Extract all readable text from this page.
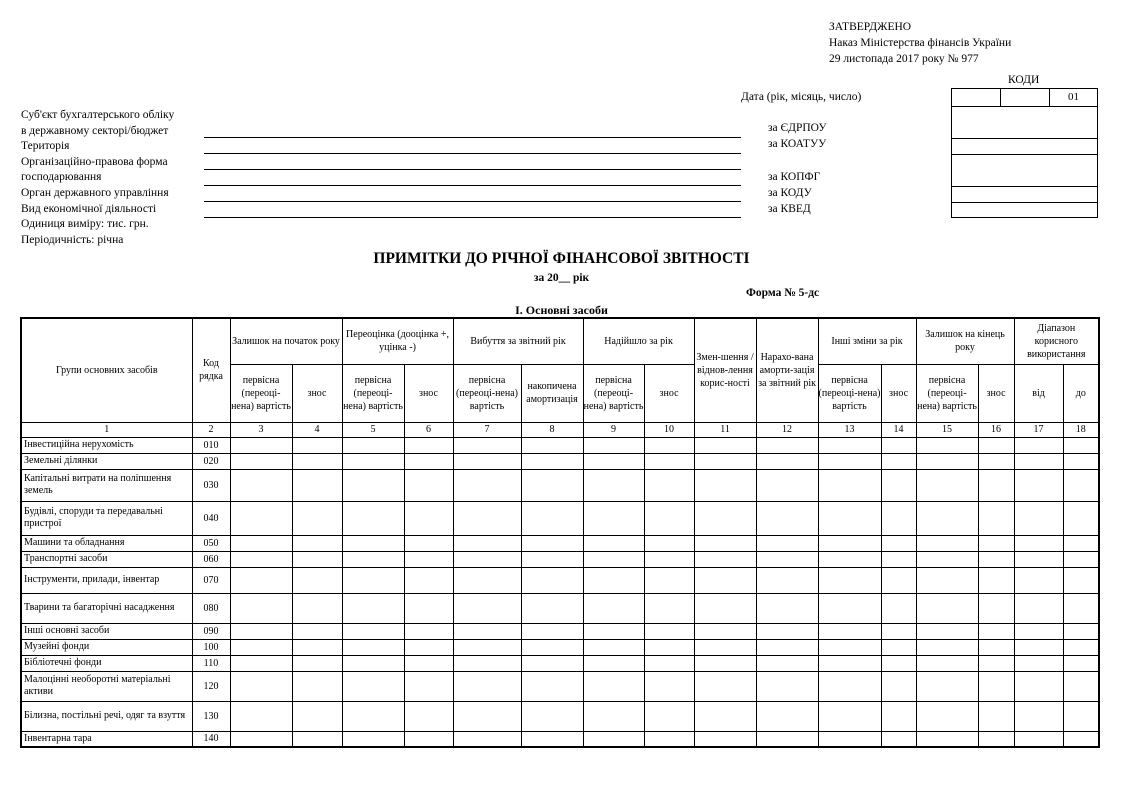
ЗАТВЕРДЖЕНО
Наказ Міністерства фінансів України
29 листопада 2017 року № 977
КОДИ
Дата (рік, місяць, число)	01
Суб'єкт бухгалтерського обліку
в державному секторі/бюджет
Територія
Організаційно-правова форма
господарювання
Орган державного управління
Вид економічної діяльності
Одиниця виміру: тис. грн.
Періодичність: річна
за ЄДРПОУ
за КОАТУУ
за КОПФГ
за КОДУ
за КВЕД
ПРИМІТКИ ДО РІЧНОЇ ФІНАНСОВОЇ ЗВІТНОСТІ
за 20__ рік
Форма № 5-дс
І. Основні засоби
Групи основних засобів	Код рядка	Залишок на початок року		Переоцінка (дооцінка +, уцінка -)		Вибуття за звітний рік		Надійшло за рік		Змен-шення / віднов-лення корис-ності	Нарахо-вана аморти-зація за звітний рік	Інші зміни за рік		Залишок на кінець року		Діапазон корисного використання	
		первісна (переоці-нена) вартість	знос	первісна (переоці-нена) вартість	знос	первісна (переоці-нена) вартість	накопичена амортизація	первісна (переоці-нена) вартість	знос			первісна (переоці-нена) вартість	знос	первісна (переоці-нена) вартість	знос	від	до
1	2	3	4	5	6	7	8	9	10	11	12	13	14	15	16	17	18
Інвестиційна нерухомість	010																
Земельні ділянки	020																
Капітальні витрати на поліпшення земель	030																
Будівлі, споруди та передавальні пристрої	040																
Машини та обладнання	050																
Транспортні засоби	060																
Інструменти, прилади, інвентар	070																
Тварини та багаторічні насадження	080																
Інші основні засоби	090																
Музейні фонди	100																
Бібліотечні фонди	110																
Малоцінні необоротні матеріальні активи	120																
Білизна, постільні речі, одяг та взуття	130																
Інвентарна тара	140																
